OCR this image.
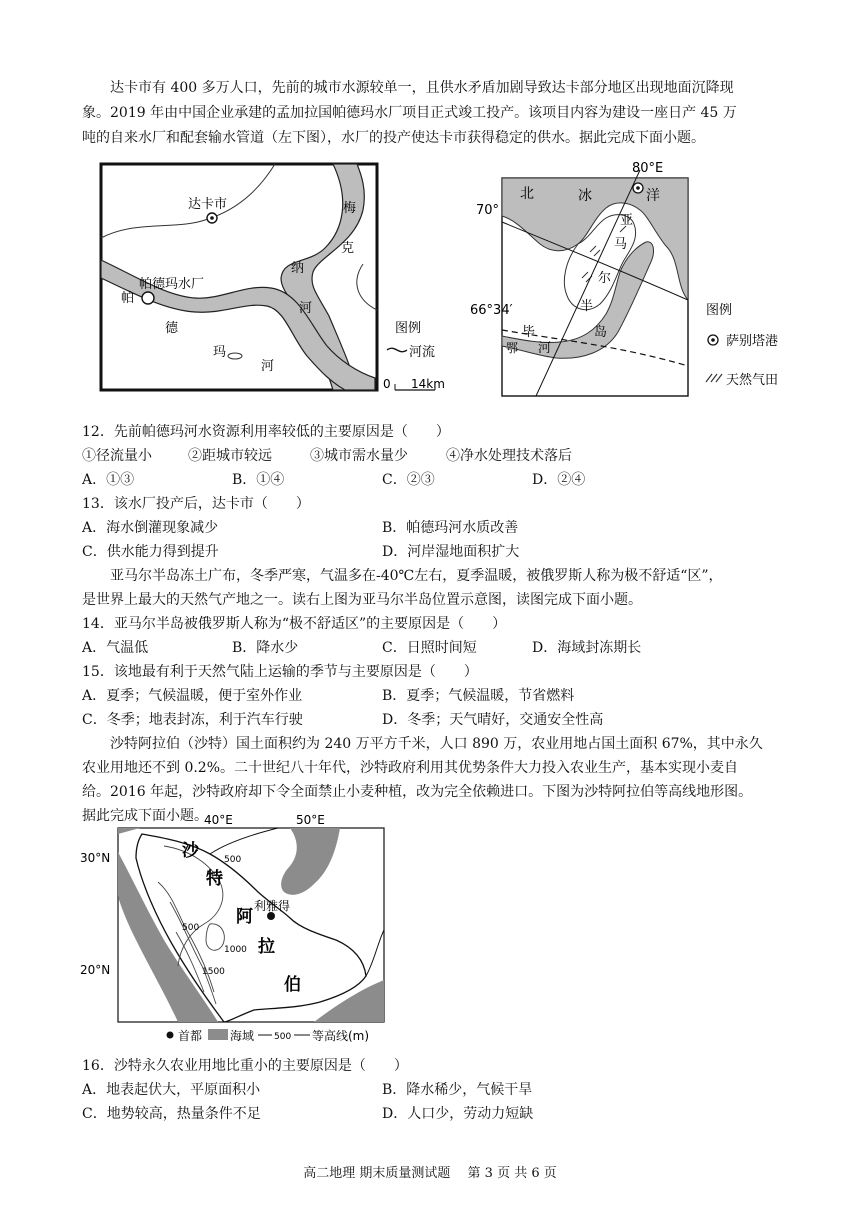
达卡市有 400 多万人口，先前的城市水源较单一，且供水矛盾加剧导致达卡部分地区出现地面沉降现
象。2019 年由中国企业承建的孟加拉国帕德玛水厂项目正式竣工投产。该项目内容为建设一座日产 45 万
吨的自来水厂和配套输水管道（左下图），水厂的投产使达卡市获得稳定的供水。据此完成下面小题。
达卡市
帕德玛水厂
梅
克
纳
河
帕
德
玛
河
图例
河流
0 14km
80°E
70°
66°34′
北	冰	洋
亚
马
尔
半
岛
鄂
毕
河
图例
萨别塔港
天然气田
12．先前帕德玛河水资源利用率较低的主要原因是（　　）
①径流量小	②距城市较远	③城市需水量少	④净水处理技术落后
A．①③	B．①④	C．②③	D．②④
13．该水厂投产后，达卡市（　　）
A．海水倒灌现象减少	B．帕德玛河水质改善
C．供水能力得到提升	D．河岸湿地面积扩大
亚马尔半岛冻土广布，冬季严寒，气温多在-40℃左右，夏季温暖，被俄罗斯人称为极不舒适“区”，
是世界上最大的天然气产地之一。读右上图为亚马尔半岛位置示意图，读图完成下面小题。
14．亚马尔半岛被俄罗斯人称为“极不舒适区”的主要原因是（　　）
A．气温低	B．降水少	C．日照时间短	D．海域封冻期长
15．该地最有利于天然气陆上运输的季节与主要原因是（　　）
A．夏季；气候温暖，便于室外作业	B．夏季；气候温暖，节省燃料
C．冬季；地表封冻，利于汽车行驶	D．冬季；天气晴好，交通安全性高
沙特阿拉伯（沙特）国土面积约为 240 万平方千米，人口 890 万，农业用地占国土面积 67%，其中永久
农业用地还不到 0.2%。二十世纪八十年代，沙特政府利用其优势条件大力投入农业生产，基本实现小麦自
给。2016 年起，沙特政府却下令全面禁止小麦种植，改为完全依赖进口。下图为沙特阿拉伯等高线地形图。
据此完成下面小题。
40°E	50°E
30°N
20°N
沙
特
阿
拉
伯
利雅得
500
500
1000
1500
首都 海域 500 等高线(m)
16．沙特永久农业用地比重小的主要原因是（　　）
A．地表起伏大，平原面积小	B．降水稀少，气候干旱
C．地势较高，热量条件不足	D．人口少，劳动力短缺
高二地理 期末质量测试题　 第 3 页 共 6 页
